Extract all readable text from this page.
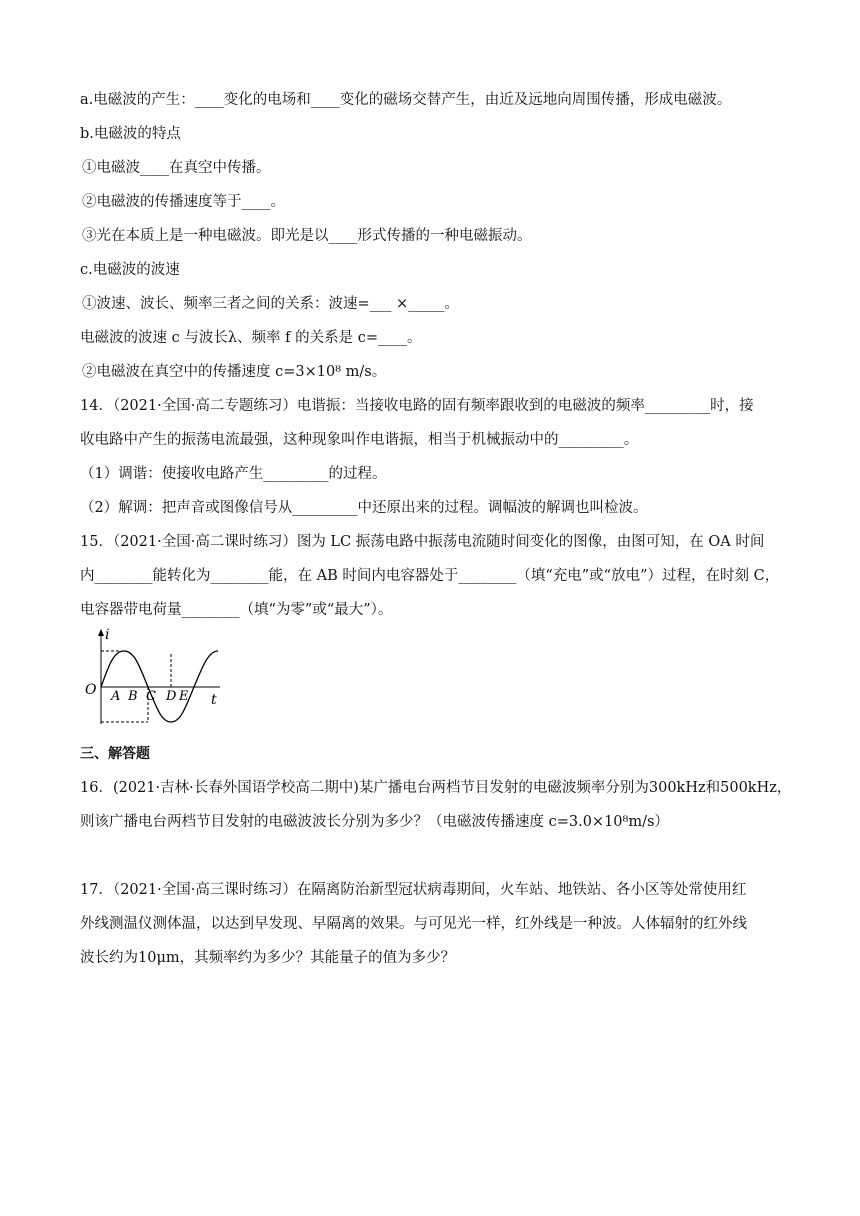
a.电磁波的产生：____变化的电场和____变化的磁场交替产生，由近及远地向周围传播，形成电磁波。
b.电磁波的特点
①电磁波____在真空中传播。
②电磁波的传播速度等于____。
③光在本质上是一种电磁波。即光是以____形式传播的一种电磁振动。
c.电磁波的波速
①波速、波长、频率三者之间的关系：波速=___ ×_____。
电磁波的波速 c 与波长λ、频率 f 的关系是 c=____。
②电磁波在真空中的传播速度 c=3×10⁸ m/s。
14．（2021·全国·高二专题练习）电谐振：当接收电路的固有频率跟收到的电磁波的频率_________时，接
收电路中产生的振荡电流最强，这种现象叫作电谐振，相当于机械振动中的_________。
（1）调谐：使接收电路产生_________的过程。
（2）解调：把声音或图像信号从_________中还原出来的过程。调幅波的解调也叫检波。
15．（2021·全国·高二课时练习）图为 LC 振荡电路中振荡电流随时间变化的图像，由图可知，在 OA 时间
内________能转化为________能，在 AB 时间内电容器处于________（填“充电”或“放电”）过程，在时刻 C，
电容器带电荷量________（填“为零”或“最大”）。
i
O A B C D E t
三、解答题
16．(2021·吉林·长春外国语学校高二期中)某广播电台两档节目发射的电磁波频率分别为300kHz和500kHz，
则该广播电台两档节目发射的电磁波波长分别为多少？（电磁波传播速度 c=3.0×10⁸m/s）
17．（2021·全国·高三课时练习）在隔离防治新型冠状病毒期间，火车站、地铁站、各小区等处常使用红
外线测温仪测体温，以达到早发现、早隔离的效果。与可见光一样，红外线是一种波。人体辐射的红外线
波长约为10μm，其频率约为多少？其能量子的值为多少？
